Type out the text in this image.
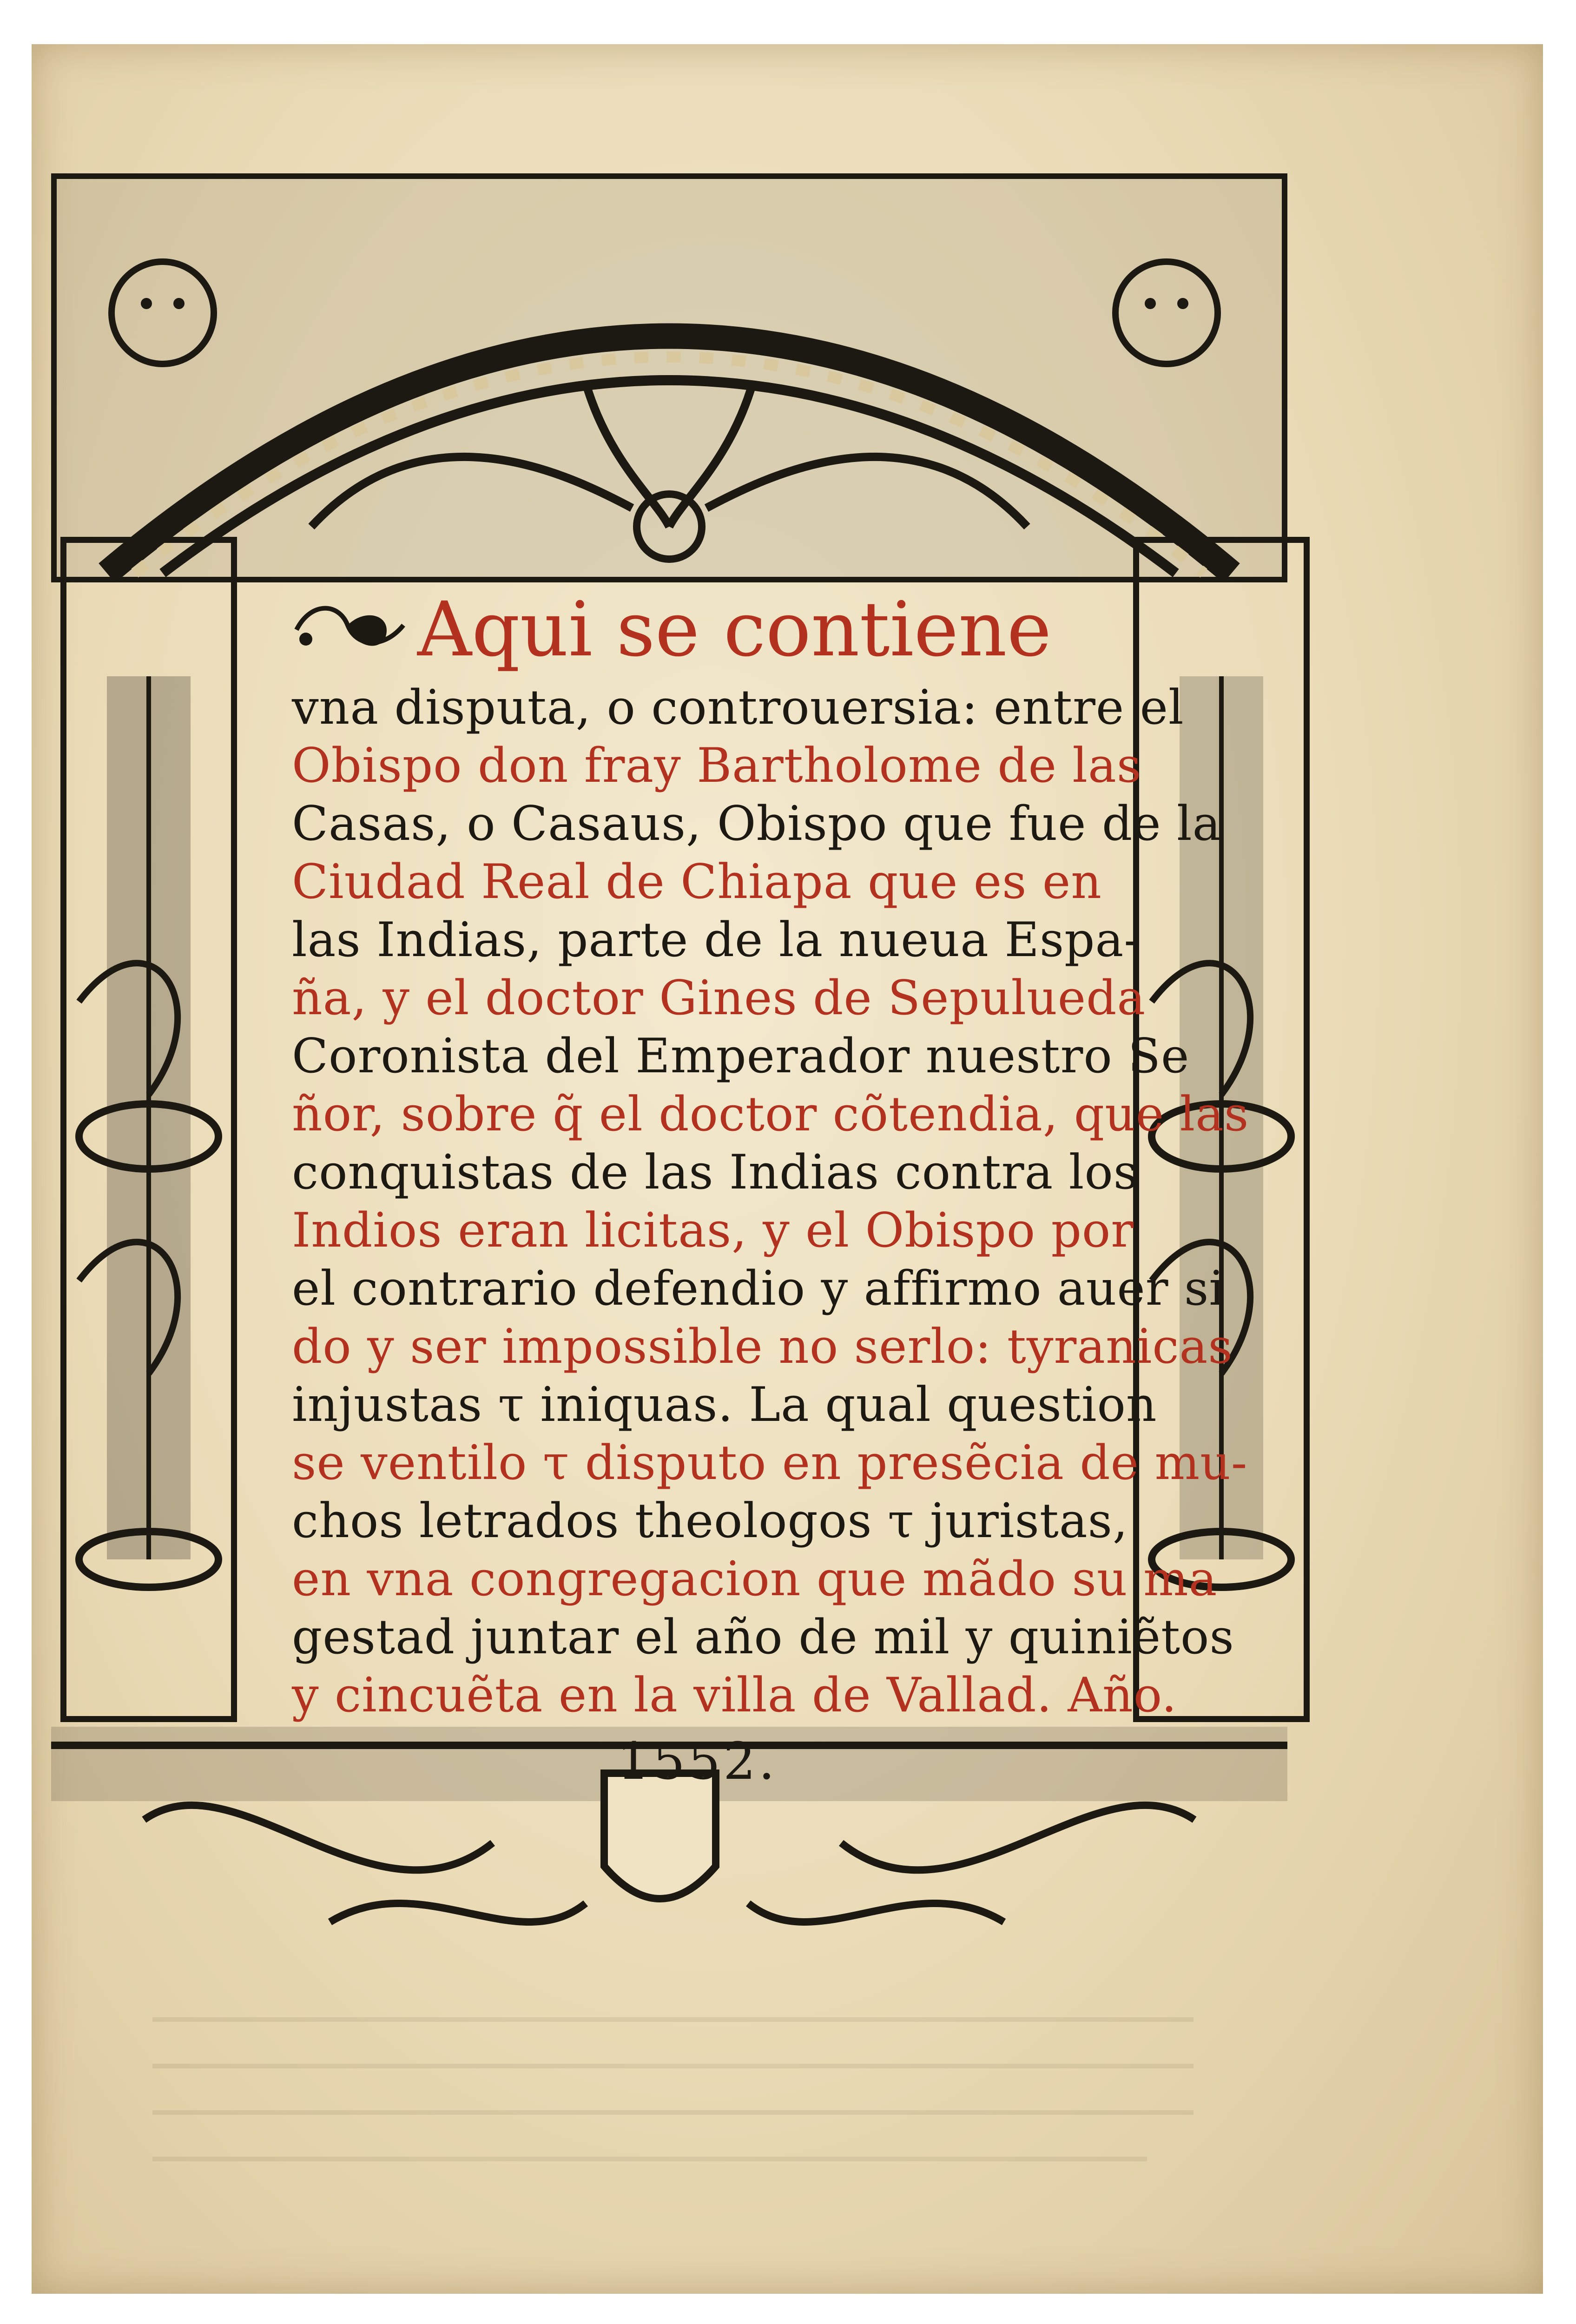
Aqui se contiene
vna disputa, o controuersia: entre el
Obispo don fray Bartholome de las
Casas, o Casaus, Obispo que fue de la
Ciudad Real de Chiapa que es en
las Indias, parte de la nueua Espa-
ña, y el doctor Gines de Sepulueda
Coronista del Emperador nuestro Se
ñor, sobre q̃ el doctor cõtendia, que las
conquistas de las Indias contra los
Indios eran licitas, y el Obispo por
el contrario defendio y affirmo auer si
do y ser impossible no serlo: tyranicas
injustas τ iniquas. La qual question
se ventilo τ disputo en presẽcia de mu-
chos letrados theologos τ juristas,
en vna congregacion que mãdo su ma
gestad juntar el año de mil y quiniẽtos
y cincuẽta en la villa de Vallad. Año.
1552.
